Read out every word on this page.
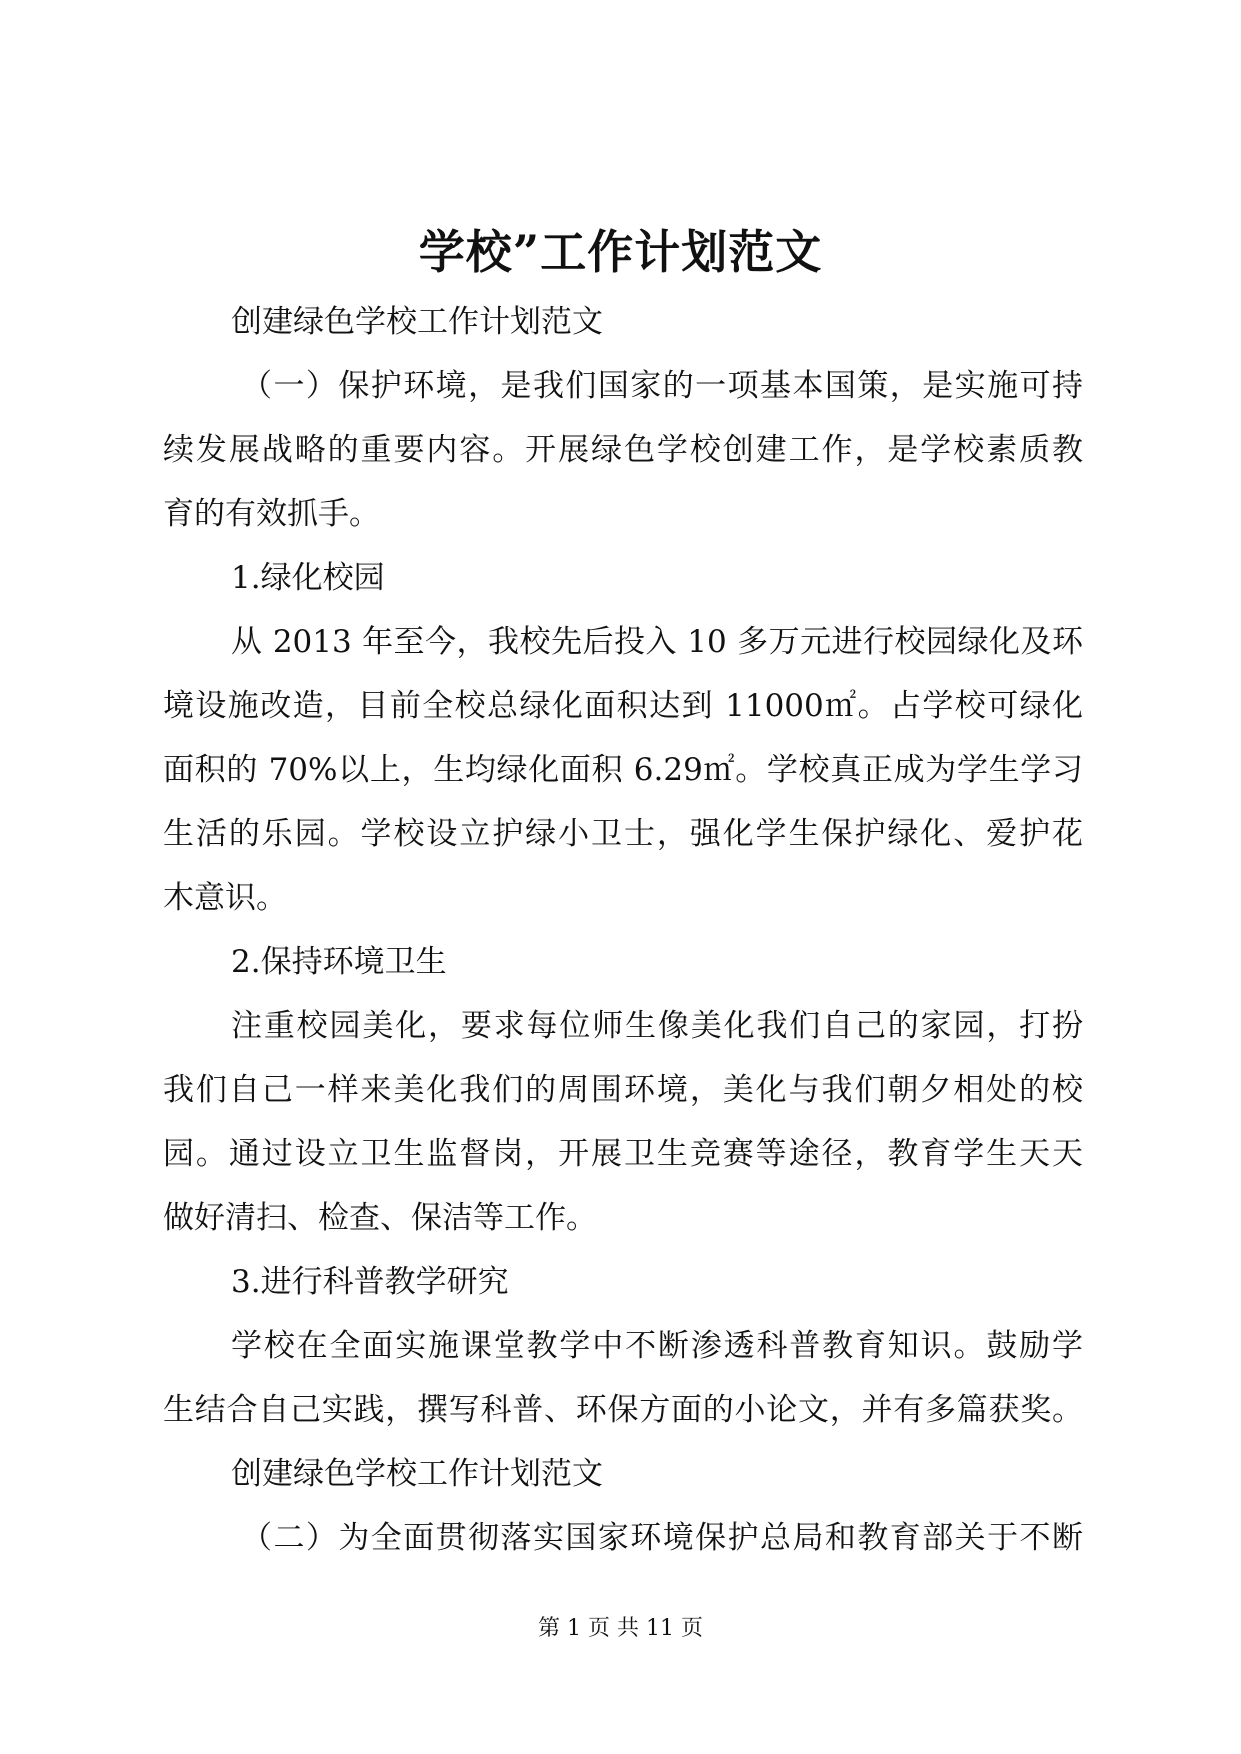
学校”工作计划范文
创建绿色学校工作计划范文
（一）保护环境，是我们国家的一项基本国策，是实施可持
续发展战略的重要内容。开展绿色学校创建工作，是学校素质教
育的有效抓手。
1.绿化校园
从 2013 年至今，我校先后投入 10 多万元进行校园绿化及环
境设施改造，目前全校总绿化面积达到 11000㎡。占学校可绿化
面积的 70%以上，生均绿化面积 6.29㎡。学校真正成为学生学习
生活的乐园。学校设立护绿小卫士，强化学生保护绿化、爱护花
木意识。
2.保持环境卫生
注重校园美化，要求每位师生像美化我们自己的家园，打扮
我们自己一样来美化我们的周围环境，美化与我们朝夕相处的校
园。通过设立卫生监督岗，开展卫生竞赛等途径，教育学生天天
做好清扫、检查、保洁等工作。
3.进行科普教学研究
学校在全面实施课堂教学中不断渗透科普教育知识。鼓励学
生结合自己实践，撰写科普、环保方面的小论文，并有多篇获奖。
创建绿色学校工作计划范文
（二）为全面贯彻落实国家环境保护总局和教育部关于不断
第 1 页 共 11 页
